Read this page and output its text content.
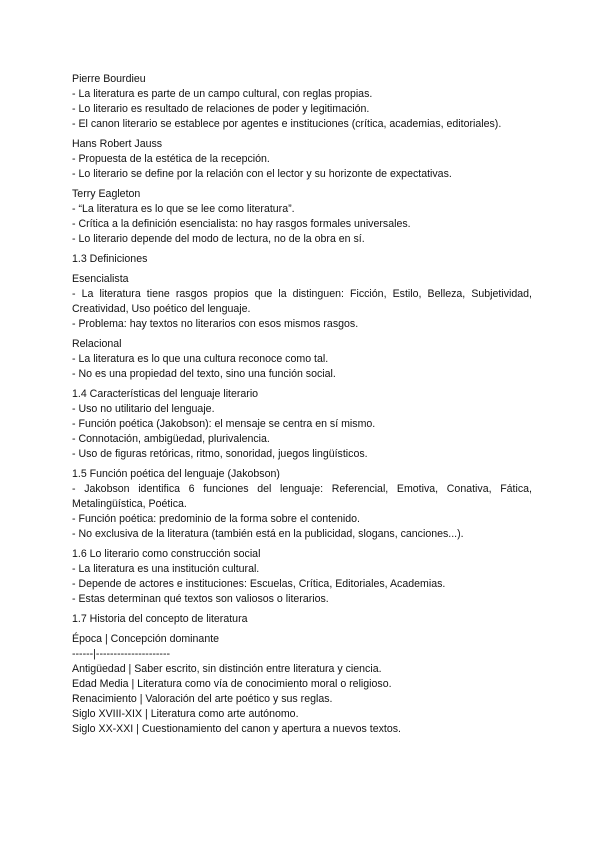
Pierre Bourdieu
- La literatura es parte de un campo cultural, con reglas propias.
- Lo literario es resultado de relaciones de poder y legitimación.
- El canon literario se establece por agentes e instituciones (crítica, academias, editoriales).
Hans Robert Jauss
- Propuesta de la estética de la recepción.
- Lo literario se define por la relación con el lector y su horizonte de expectativas.
Terry Eagleton
- “La literatura es lo que se lee como literatura”.
- Crítica a la definición esencialista: no hay rasgos formales universales.
- Lo literario depende del modo de lectura, no de la obra en sí.
1.3 Definiciones
Esencialista
- La literatura tiene rasgos propios que la distinguen: Ficción, Estilo, Belleza, Subjetividad, Creatividad, Uso poético del lenguaje.
- Problema: hay textos no literarios con esos mismos rasgos.
Relacional
- La literatura es lo que una cultura reconoce como tal.
- No es una propiedad del texto, sino una función social.
1.4 Características del lenguaje literario
- Uso no utilitario del lenguaje.
- Función poética (Jakobson): el mensaje se centra en sí mismo.
- Connotación, ambigüedad, plurivalencia.
- Uso de figuras retóricas, ritmo, sonoridad, juegos lingüísticos.
1.5 Función poética del lenguaje (Jakobson)
- Jakobson identifica 6 funciones del lenguaje: Referencial, Emotiva, Conativa, Fática, Metalingüística, Poética.
- Función poética: predominio de la forma sobre el contenido.
- No exclusiva de la literatura (también está en la publicidad, slogans, canciones...).
1.6 Lo literario como construcción social
- La literatura es una institución cultural.
- Depende de actores e instituciones: Escuelas, Crítica, Editoriales, Academias.
- Estas determinan qué textos son valiosos o literarios.
1.7 Historia del concepto de literatura
Época | Concepción dominante
------|---------------------
Antigüedad | Saber escrito, sin distinción entre literatura y ciencia.
Edad Media | Literatura como vía de conocimiento moral o religioso.
Renacimiento | Valoración del arte poético y sus reglas.
Siglo XVIII-XIX | Literatura como arte autónomo.
Siglo XX-XXI | Cuestionamiento del canon y apertura a nuevos textos.
